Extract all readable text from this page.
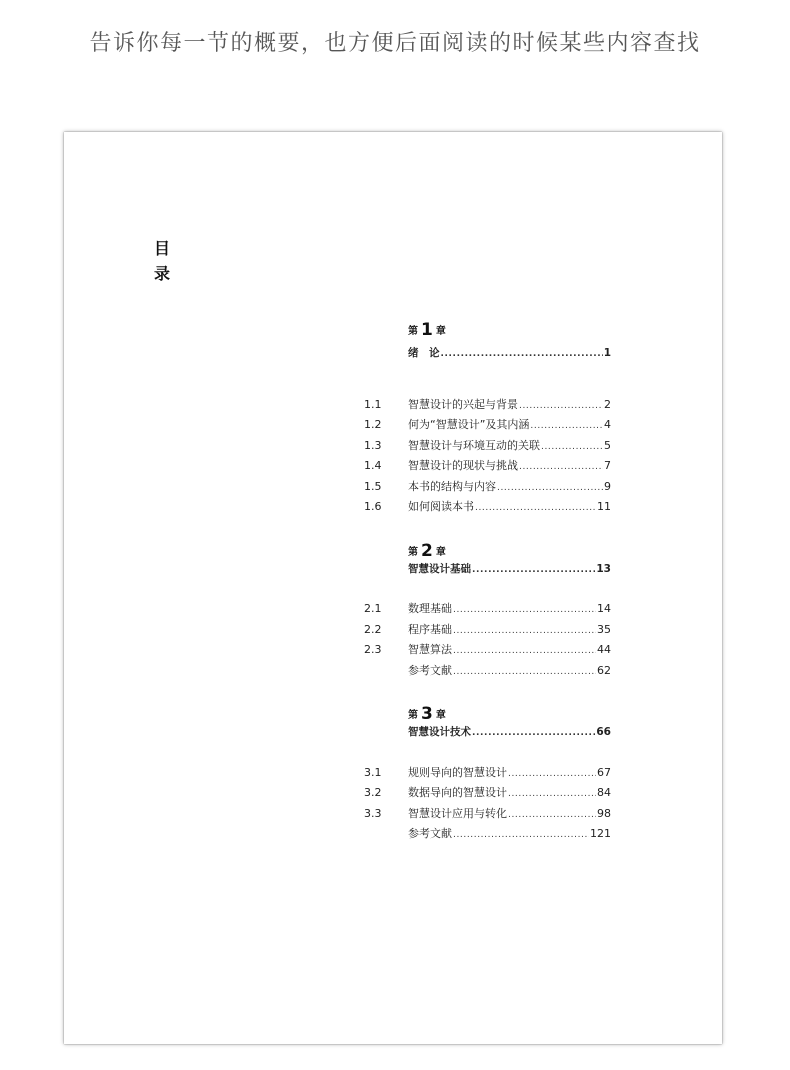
告诉你每一节的概要，也方便后面阅读的时候某些内容查找
目
录
第 1 章
绪　论 .....	1
1.1	智慧设计的兴起与背景 .....	2
1.2	何为“智慧设计”及其内涵 .....	4
1.3	智慧设计与环境互动的关联 .....	5
1.4	智慧设计的现状与挑战 .....	7
1.5	本书的结构与内容 .....	9
1.6	如何阅读本书 .....	11
第 2 章
智慧设计基础 .....	13
2.1	数理基础 .....	14
2.2	程序基础 .....	35
2.3	智慧算法 .....	44
参考文献 .....	62
第 3 章
智慧设计技术 .....	66
3.1	规则导向的智慧设计 .....	67
3.2	数据导向的智慧设计 .....	84
3.3	智慧设计应用与转化 .....	98
参考文献 .....	121
